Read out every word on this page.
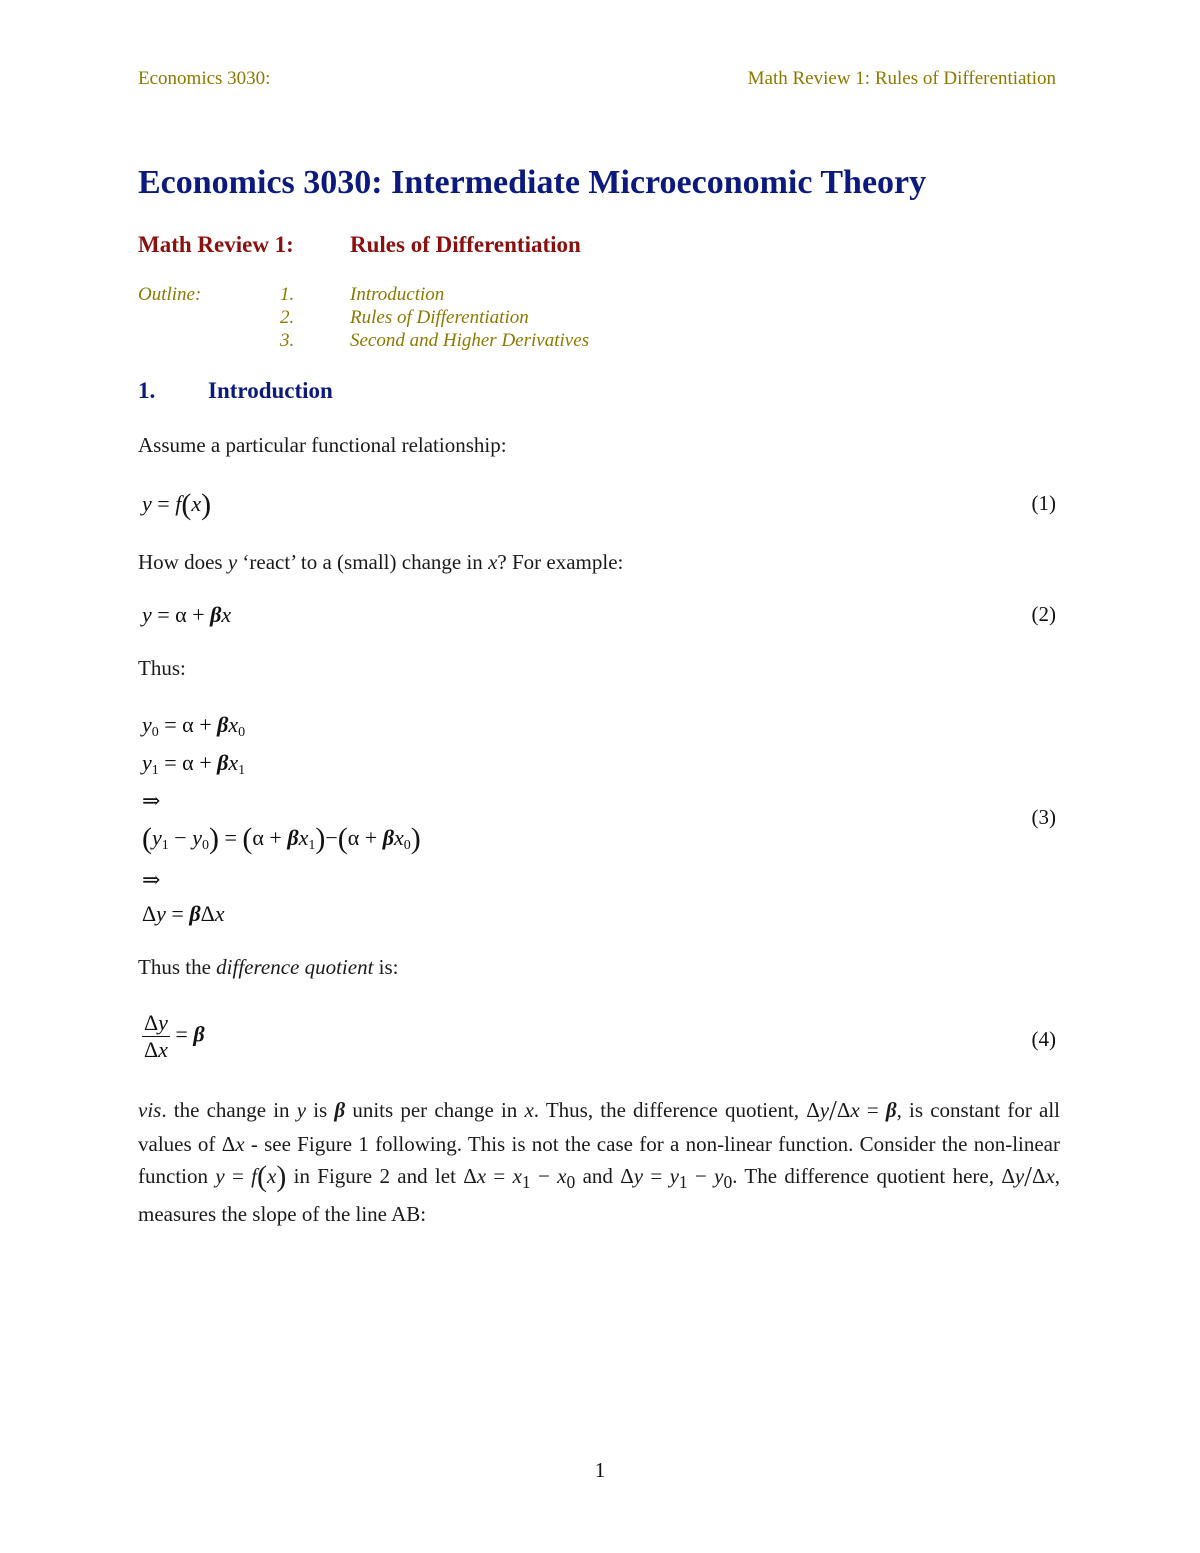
Economics 3030:	Math Review 1: Rules of Differentiation
Economics 3030: Intermediate Microeconomic Theory
Math Review 1: Rules of Differentiation
Outline:	1.	Introduction
2.	Rules of Differentiation
3.	Second and Higher Derivatives
1. Introduction
Assume a particular functional relationship:
y = f(x)	(1)
How does y ‘react’ to a (small) change in x? For example:
y = α + βx	(2)
Thus:
$y_0 = \alpha + \beta x_0$
$y_1 = \alpha + \beta x_1$
⇒
$(y_1 - y_0) = (\alpha + \beta x_1)-(\alpha + \beta x_0)$
⇒
Δy = βΔx
(3)
Thus the difference quotient is:
$\frac{\Delta y}{\Delta x} = \beta$	(4)
vis. the change in y is β units per change in x. Thus, the difference quotient, Δy/Δx = β, is constant for all values of Δx - see Figure 1 following. This is not the case for a non-linear function. Consider the non-linear function y = f(x) in Figure 2 and let $\Delta x = x_1 - x_0$ and $\Delta y = y_1 - y_0$. The difference quotient here, Δy/Δx, measures the slope of the line AB:
1
